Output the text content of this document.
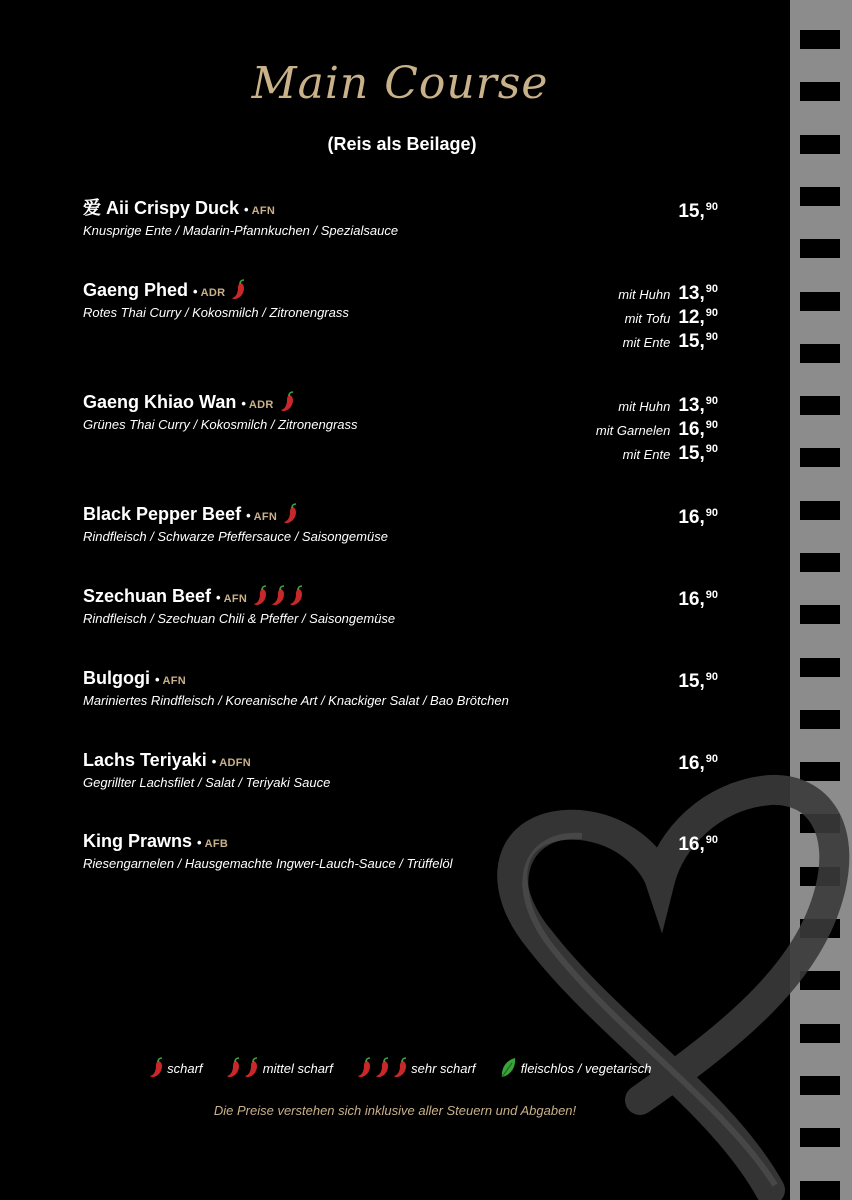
Main Course
(Reis als Beilage)
爱 Aii Crispy Duck • AFN
Knusprige Ente / Madarin-Pfannkuchen / Spezialsauce
15,90
Gaeng Phed • ADR
Rotes Thai Curry / Kokosmilch / Zitronengrass
mit Huhn 13,90
mit Tofu 12,90
mit Ente 15,90
Gaeng Khiao Wan • ADR
Grünes Thai Curry / Kokosmilch / Zitronengrass
mit Huhn 13,90
mit Garnelen 16,90
mit Ente 15,90
Black Pepper Beef • AFN
Rindfleisch / Schwarze Pfeffersauce / Saisongemüse
16,90
Szechuan Beef • AFN
Rindfleisch / Szechuan Chili & Pfeffer / Saisongemüse
16,90
Bulgogi • AFN
Mariniertes Rindfleisch / Koreanische Art / Knackiger Salat / Bao Brötchen
15,90
Lachs Teriyaki • ADFN
Gegrillter Lachsfilet / Salat / Teriyaki Sauce
16,90
King Prawns • AFB
Riesengarnelen / Hausgemachte Ingwer-Lauch-Sauce / Trüffelöl
16,90
scharf	mittel scharf	sehr scharf	fleischlos / vegetarisch
Die Preise verstehen sich inklusive aller Steuern und Abgaben!
